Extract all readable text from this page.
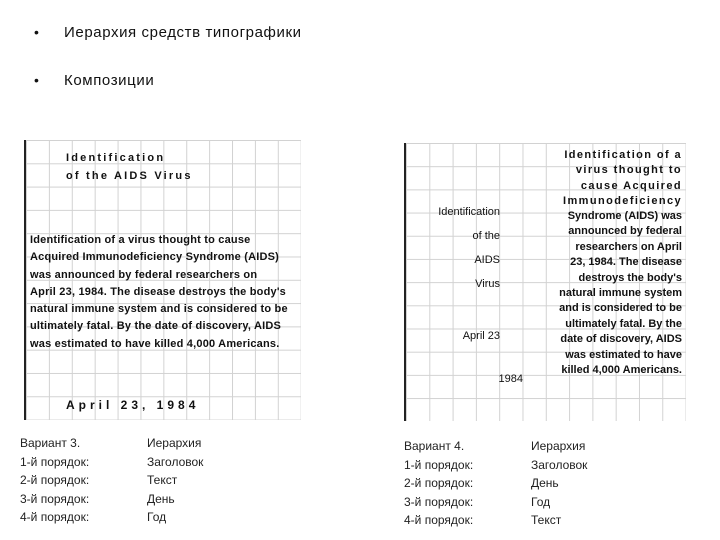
•	Иерархия средств типографики
•	Композиции
Identification
of the AIDS Virus
Identification of a virus thought to cause
Acquired Immunodeficiency Syndrome (AIDS)
was announced by federal researchers on
April 23, 1984. The disease destroys the body's
natural immune system and is considered to be
ultimately fatal. By the date of discovery, AIDS
was estimated to have killed 4,000 Americans.
April 23, 1984
Identification of a
virus thought to
cause Acquired
Immunodeficiency
Syndrome (AIDS) was
announced by federal
researchers on April
23, 1984. The disease
destroys the body's
natural immune system
and is considered to be
ultimately fatal. By the
date of discovery, AIDS
was estimated to have
killed 4,000 Americans.
Identification
of the
AIDS
Virus
April 23
1984
Вариант 3.
1-й порядок:
2-й порядок:
3-й порядок:
4-й порядок:
Иерархия
Заголовок
Текст
День
Год
Вариант 4.
1-й порядок:
2-й порядок:
3-й порядок:
4-й порядок:
Иерархия
Заголовок
День
Год
Текст
